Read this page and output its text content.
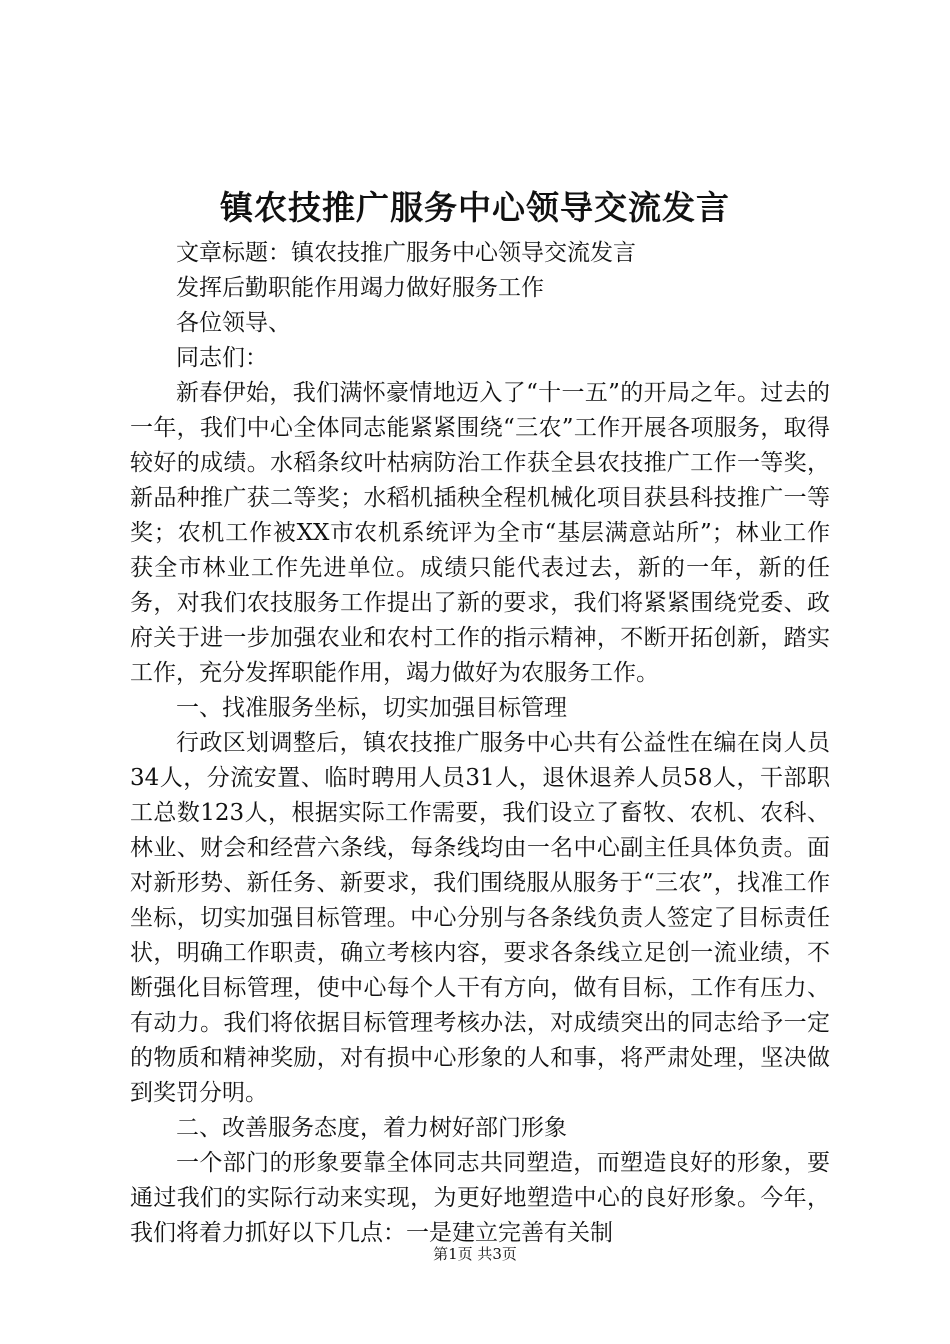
镇农技推广服务中心领导交流发言

文章标题：镇农技推广服务中心领导交流发言

发挥后勤职能作用竭力做好服务工作

各位领导、

同志们：

新春伊始，我们满怀豪情地迈入了“十一五”的开局之年。过去的一年，我们中心全体同志能紧紧围绕“三农”工作开展各项服务，取得较好的成绩。水稻条纹叶枯病防治工作获全县农技推广工作一等奖，新品种推广获二等奖；水稻机插秧全程机械化项目获县科技推广一等奖；农机工作被XX市农机系统评为全市“基层满意站所”；林业工作获全市林业工作先进单位。成绩只能代表过去，新的一年，新的任务，对我们农技服务工作提出了新的要求，我们将紧紧围绕党委、政府关于进一步加强农业和农村工作的指示精神，不断开拓创新，踏实工作，充分发挥职能作用，竭力做好为农服务工作。

一、找准服务坐标，切实加强目标管理

行政区划调整后，镇农技推广服务中心共有公益性在编在岗人员34人，分流安置、临时聘用人员31人，退休退养人员58人，干部职工总数123人，根据实际工作需要，我们设立了畜牧、农机、农科、林业、财会和经营六条线，每条线均由一名中心副主任具体负责。面对新形势、新任务、新要求，我们围绕服从服务于“三农”，找准工作坐标，切实加强目标管理。中心分别与各条线负责人签定了目标责任状，明确工作职责，确立考核内容，要求各条线立足创一流业绩，不断强化目标管理，使中心每个人干有方向，做有目标，工作有压力、有动力。我们将依据目标管理考核办法，对成绩突出的同志给予一定的物质和精神奖励，对有损中心形象的人和事，将严肃处理，坚决做到奖罚分明。

二、改善服务态度，着力树好部门形象

一个部门的形象要靠全体同志共同塑造，而塑造良好的形象，要通过我们的实际行动来实现，为更好地塑造中心的良好形象。今年，我们将着力抓好以下几点：一是建立完善有关制

第1页 共3页
